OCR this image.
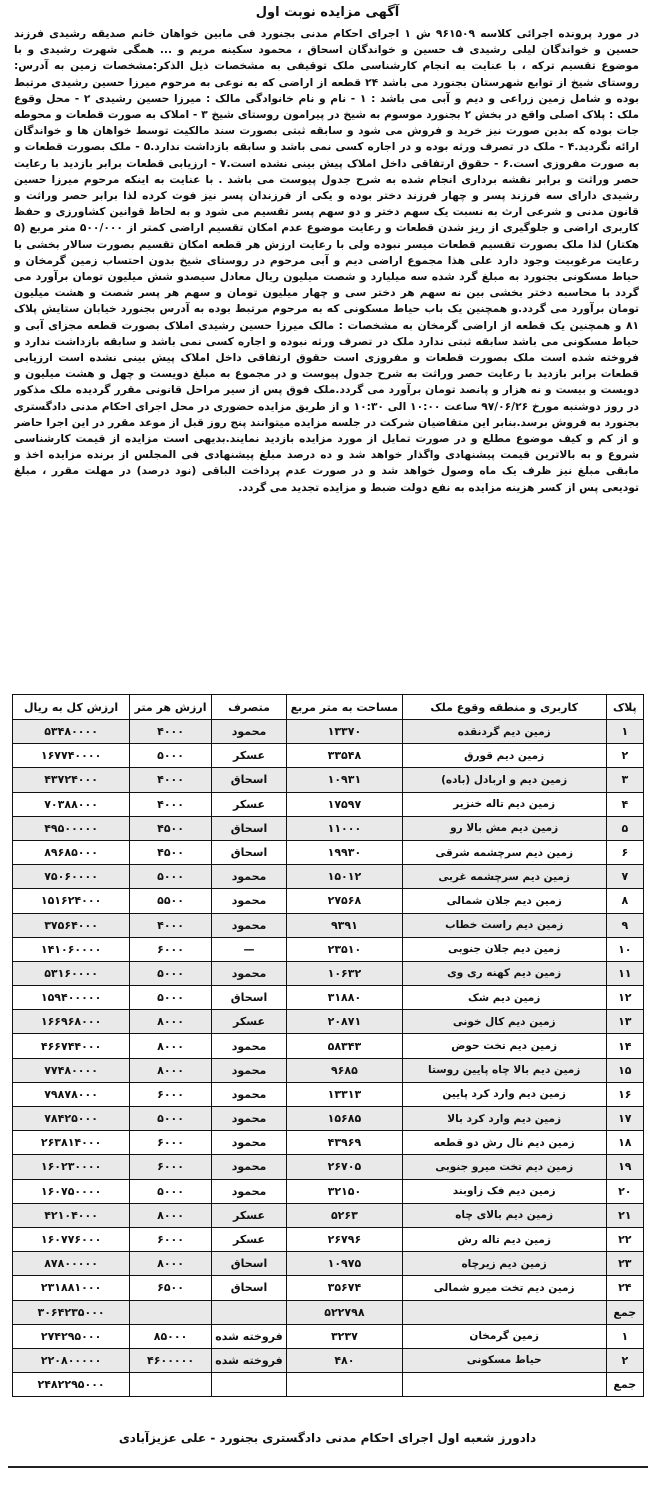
آگهی مزایده نوبت اول

در مورد پرونده اجرائی کلاسه ۹۶۱۵۰۹ ش ۱ اجرای احکام مدنی بجنورد فی مابین خواهان خانم صدیقه رشیدی فرزند حسین و خواندگان لیلی رشیدی ف حسین و خواندگان اسحاق ، محمود سکینه مریم و ... همگی شهرت رشیدی و با موضوع تقسیم ترکه ، با عنایت به انجام کارشناسی ملک توقیفی به مشخصات ذیل الذکر:مشخصات زمین به آدرس: روستای شیخ از توابع شهرستان بجنورد می باشد ۲۴ قطعه از اراضی که به نوعی به مرحوم میرزا حسین رشیدی مرتبط بوده و شامل زمین زراعی و دیم و آبی می باشد : ۱ - نام و نام خانوادگی مالک : میرزا حسین رشیدی ۲ - محل وقوع ملک : پلاک اصلی واقع در بخش ۲ بجنورد موسوم به شیخ در پیرامون روستای شیخ ۳ - املاک به صورت قطعات و محوطه جات بوده که بدین صورت نیز خرید و فروش می شود و سابقه ثبتی بصورت سند مالکیت توسط خواهان ها و خواندگان ارائه نگردید.۴ - ملک در تصرف ورثه بوده و در اجاره کسی نمی باشد و سابقه بازداشت ندارد.۵ - ملک بصورت قطعات و به صورت مفروزی است.۶ - حقوق ارتفاقی داخل املاک پیش بینی نشده است.۷ - ارزیابی قطعات برابر بازدید با رعایت حصر وراثت و برابر نقشه برداری انجام شده به شرح جدول پیوست می باشد . با عنایت به اینکه مرحوم میرزا حسین رشیدی دارای سه فرزند پسر و چهار فرزند دختر بوده و یکی از فرزندان پسر نیز فوت کرده لذا برابر حصر وراثت و قانون مدنی و شرعی ارث به نسبت یک سهم دختر و دو سهم پسر تقسیم می شود و به لحاظ قوانین کشاورزی و حفظ کاربری اراضی و جلوگیری از ریز شدن قطعات و رعایت موضوع عدم امکان تقسیم اراضی کمتر از ۵۰۰/۰۰۰ متر مربع (۵ هکتار) لذا ملک بصورت تقسیم قطعات میسر نبوده ولی با رعایت ارزش هر قطعه امکان تقسیم بصورت سالار بخشی با رعایت مرغوبیت وجود دارد علی هذا مجموع اراضی دیم و آبی مرحوم در روستای شیخ بدون احتساب زمین گرمخان و حیاط مسکونی بجنورد به مبلغ گرد شده سه میلیارد و شصت میلیون ریال معادل سیصدو شش میلیون تومان برآورد می گردد با محاسبه دختر بخشی بین نه سهم هر دختر سی و چهار میلیون تومان و سهم هر پسر شصت و هشت میلیون تومان برآورد می گردد.و همچنین یک باب حیاط مسکونی که به مرحوم مرتبط بوده به آدرس بجنورد خیابان ستایش پلاک ۸۱ و همچنین یک قطعه از اراضی گرمخان به مشخصات : مالک میرزا حسین رشیدی املاک بصورت قطعه مجزای آبی و حیاط مسکونی می باشد سابقه ثبتی ندارد ملک در تصرف ورثه نبوده و اجاره کسی نمی باشد و سابقه بازداشت ندارد و فروخته شده است ملک بصورت قطعات و مفروزی است حقوق ارتفاقی داخل املاک پیش بینی نشده است ارزیابی قطعات برابر بازدید با رعایت حصر وراثت به شرح جدول پیوست و در مجموع به مبلغ دویست و چهل و هشت میلیون و دویست و بیست و نه هزار و پانصد تومان برآورد می گردد.ملک فوق پس از سیر مراحل قانونی مقرر گردیده ملک مذکور در روز دوشنبه مورخ ۹۷/۰۶/۲۶ ساعت ۱۰:۰۰ الی ۱۰:۳۰ و از طریق مزایده حضوری در محل اجرای احکام مدنی دادگستری بجنورد به فروش برسد.بنابر این متقاضیان شرکت در جلسه مزایده میتوانند پنج روز قبل از موعد مقرر در این اجرا حاضر و از کم و کیف موضوع مطلع و در صورت تمایل از مورد مزایده بازدید نمایند.بدیهی است مزایده از قیمت کارشناسی شروع و به بالاترین قیمت پیشنهادی واگذار خواهد شد و ده درصد مبلغ پیشنهادی فی المجلس از برنده مزایده اخذ و مابقی مبلغ نیز ظرف یک ماه وصول خواهد شد و در صورت عدم پرداخت الباقی (نود درصد) در مهلت مقرر ، مبلغ تودیعی پس از کسر هزینه مزایده به نفع دولت ضبط و مزایده تجدید می گردد.

پلاک	کاربری و منطقه وقوع ملک	مساحت به متر مربع	متصرف	ارزش هر متر	ارزش کل به ریال
۱	زمین دیم گردنقده	۱۳۳۷۰	محمود	۴۰۰۰	۵۳۴۸۰۰۰۰
۲	زمین دیم قورق	۳۳۵۴۸	عسکر	۵۰۰۰	۱۶۷۷۴۰۰۰۰
۳	زمین دیم و اربادل (باده)	۱۰۹۳۱	اسحاق	۴۰۰۰	۴۳۷۲۴۰۰۰
۴	زمین دیم تاله خنزیر	۱۷۵۹۷	عسکر	۴۰۰۰	۷۰۳۸۸۰۰۰
۵	زمین دیم مش بالا رو	۱۱۰۰۰	اسحاق	۴۵۰۰	۴۹۵۰۰۰۰۰
۶	زمین دیم سرچشمه شرقی	۱۹۹۳۰	اسحاق	۴۵۰۰	۸۹۶۸۵۰۰۰
۷	زمین دیم سرچشمه غربی	۱۵۰۱۲	محمود	۵۰۰۰	۷۵۰۶۰۰۰۰
۸	زمین دیم جلان شمالی	۲۷۵۶۸	محمود	۵۵۰۰	۱۵۱۶۲۴۰۰۰
۹	زمین دیم راست خطاب	۹۳۹۱	محمود	۴۰۰۰	۳۷۵۶۴۰۰۰
۱۰	زمین دیم جلان جنوبی	۲۳۵۱۰	—	۶۰۰۰	۱۴۱۰۶۰۰۰۰
۱۱	زمین دیم کهنه ری وی	۱۰۶۳۲	محمود	۵۰۰۰	۵۳۱۶۰۰۰۰
۱۲	زمین دیم شک	۳۱۸۸۰	اسحاق	۵۰۰۰	۱۵۹۴۰۰۰۰۰
۱۳	زمین دیم کال خونی	۲۰۸۷۱	عسکر	۸۰۰۰	۱۶۶۹۶۸۰۰۰
۱۴	زمین دیم تخت حوض	۵۸۳۴۳	محمود	۸۰۰۰	۴۶۶۷۴۴۰۰۰
۱۵	زمین دیم بالا چاه پایین روستا	۹۶۸۵	محمود	۸۰۰۰	۷۷۴۸۰۰۰۰
۱۶	زمین دیم وارد کرد پایین	۱۳۳۱۳	محمود	۶۰۰۰	۷۹۸۷۸۰۰۰
۱۷	زمین دیم وارد کرد بالا	۱۵۶۸۵	محمود	۵۰۰۰	۷۸۴۲۵۰۰۰
۱۸	زمین دیم نال رش دو قطعه	۴۳۹۶۹	محمود	۶۰۰۰	۲۶۳۸۱۴۰۰۰
۱۹	زمین دیم تخت میرو جنوبی	۲۶۷۰۵	محمود	۶۰۰۰	۱۶۰۲۳۰۰۰۰
۲۰	زمین دیم فک زاوبند	۳۲۱۵۰	محمود	۵۰۰۰	۱۶۰۷۵۰۰۰۰
۲۱	زمین دیم بالای چاه	۵۲۶۳	عسکر	۸۰۰۰	۴۲۱۰۴۰۰۰
۲۲	زمین دیم تاله رش	۲۶۷۹۶	عسکر	۶۰۰۰	۱۶۰۷۷۶۰۰۰
۲۳	زمین دیم زیرچاه	۱۰۹۷۵	اسحاق	۸۰۰۰	۸۷۸۰۰۰۰۰
۲۴	زمین دیم تخت میرو شمالی	۳۵۶۷۴	اسحاق	۶۵۰۰	۲۳۱۸۸۱۰۰۰
جمع		۵۲۲۷۹۸			۳۰۶۴۲۳۵۰۰۰
۱	زمین گرمخان	۳۲۳۷	فروخته شده	۸۵۰۰۰	۲۷۴۲۹۵۰۰۰
۲	حیاط مسکونی	۴۸۰	فروخته شده	۴۶۰۰۰۰۰	۲۲۰۸۰۰۰۰۰
جمع					۲۴۸۲۲۹۵۰۰۰
دادورز شعبه اول اجرای احکام مدنی دادگستری بجنورد - علی عزیزآبادی
